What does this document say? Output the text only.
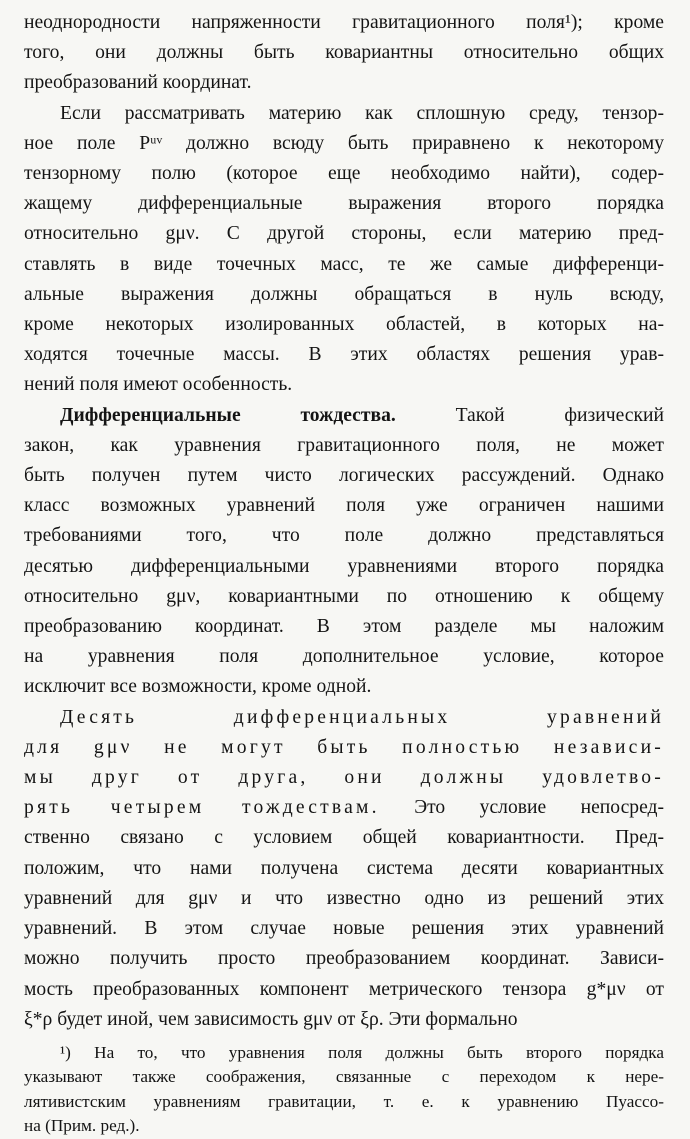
неоднородности напряженности гравитационного поля¹); кроме
того, они должны быть ковариантны относительно общих
преобразований координат.

Если рассматривать материю как сплошную среду, тензор-
ное поле Pᵘᵛ должно всюду быть приравнено к некоторому
тензорному полю (которое еще необходимо найти), содер-
жащему дифференциальные выражения второго порядка
относительно gμν. С другой стороны, если материю пред-
ставлять в виде точечных масс, те же самые дифференци-
альные выражения должны обращаться в нуль всюду,
кроме некоторых изолированных областей, в которых на-
ходятся точечные массы. В этих областях решения урав-
нений поля имеют особенность.

Дифференциальные тождества.	Такой физический
закон, как уравнения гравитационного поля, не может
быть получен путем чисто логических рассуждений. Однако
класс возможных уравнений поля уже ограничен нашими
требованиями того, что поле должно представляться
десятью дифференциальными уравнениями второго порядка
относительно gμν, ковариантными по отношению к общему
преобразованию координат. В этом разделе мы наложим
на уравнения поля дополнительное условие, которое
исключит все возможности, кроме одной.

Десять дифференциальных уравнений
для gμν не могут быть полностью независи-
мы друг от друга, они должны удовлетво-
рять четырем тождествам. Это условие непосред-
ственно связано с условием общей ковариантности. Пред-
положим, что нами получена система десяти ковариантных
уравнений для gμν и что известно одно из решений этих
уравнений. В этом случае новые решения этих уравнений
можно получить просто преобразованием координат. Зависи-
мость преобразованных компонент метрического тензора g*μν от
ξ*ρ будет иной, чем зависимость gμν от ξρ. Эти формально

¹) На то, что уравнения поля должны быть второго порядка
указывают также соображения, связанные с переходом к нере-
лятивистским уравнениям гравитации, т. е. к уравнению Пуассо-
на (Прим. ред.).
